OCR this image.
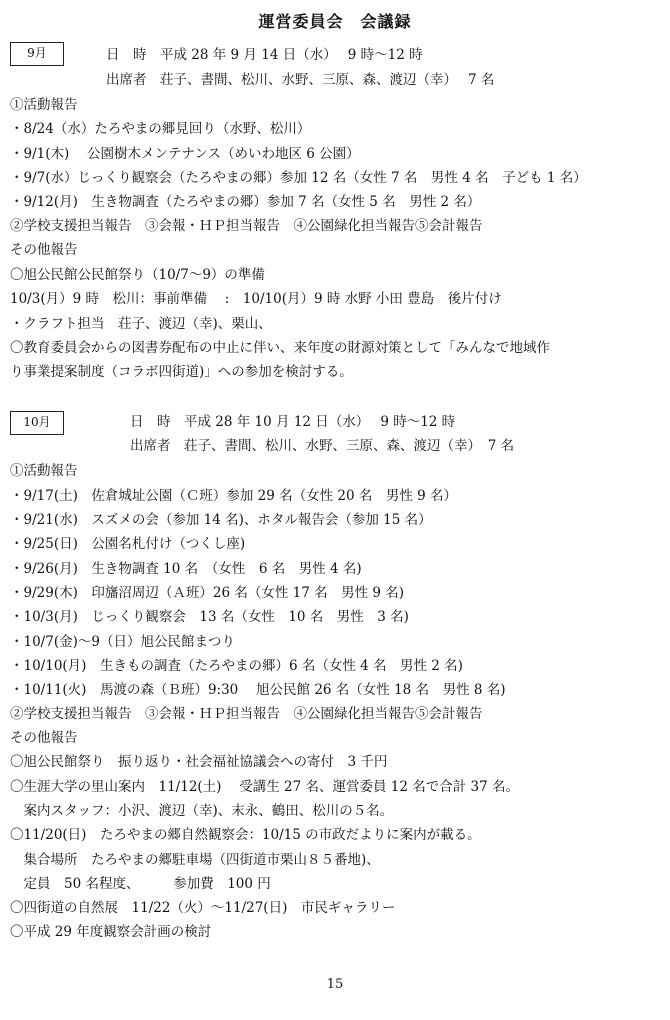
運営委員会　会議録
9月	日　時　平成 28 年 9 月 14 日（水）　 9 時〜12 時
出席者　荘子、書間、松川、水野、三原、森、渡辺（幸）　 7 名
①活動報告
・8/24（水）たろやまの郷見回り（水野、松川）
・9/1(木)　 公園樹木メンテナンス（めいわ地区 6 公園）
・9/7(水）じっくり観察会（たろやまの郷）参加 12 名（女性 7 名　男性 4 名　子ども 1 名）
・9/12(月)　生き物調査（たろやまの郷）参加 7 名（女性 5 名　男性 2 名）
②学校支援担当報告　③会報・ＨＰ担当報告　④公園緑化担当報告⑤会計報告
その他報告
〇旭公民館公民館祭り（10/7〜9）の準備
10/3(月）9 時　松川：事前準備　 :　10/10(月）9 時 水野 小田 豊島　後片付け
・クラフト担当　荘子、渡辺（幸)、栗山、
〇教育委員会からの図書券配布の中止に伴い、来年度の財源対策として「みんなで地域作
り事業提案制度（コラボ四街道)」への参加を検討する。
10月	日　時　平成 28 年 10 月 12 日（水）　 9 時〜12 時
出席者　荘子、書間、松川、水野、三原、森、渡辺（幸）　7 名
①活動報告
・9/17(土)　佐倉城址公園（Ｃ班）参加 29 名（女性 20 名　男性 9 名）
・9/21(水)　スズメの会（参加 14 名)、ホタル報告会（参加 15 名）
・9/25(日)　公園名札付け（つくし座)
・9/26(月)　生き物調査 10 名　（女性　6 名　男性 4 名)
・9/29(木)　印旛沼周辺（Ａ班）26 名（女性 17 名　男性 9 名)
・10/3(月)　じっくり観察会　13 名（女性　10 名　男性　3 名)
・10/7(金)〜9（日）旭公民館まつり
・10/10(月)　生きもの調査（たろやまの郷）6 名（女性 4 名　男性 2 名)
・10/11(火)　馬渡の森（Ｂ班）9:30　 旭公民館 26 名（女性 18 名　男性 8 名)
②学校支援担当報告　③会報・ＨＰ担当報告　④公園緑化担当報告⑤会計報告
その他報告
〇旭公民館祭り　振り返り・社会福祉協議会への寄付　3 千円
〇生涯大学の里山案内　11/12(土)　 受講生 27 名、運営委員 12 名で合計 37 名。
　案内スタッフ：小沢、渡辺（幸)、末永、鶴田、松川の５名。
〇11/20(日)　たろやまの郷自然観察会：10/15 の市政だよりに案内が載る。
　集合場所　たろやまの郷駐車場（四街道市栗山８５番地)、
　定員　50 名程度、　　　参加費　100 円
〇四街道の自然展　11/22（火）〜11/27(日)　市民ギャラリー
〇平成 29 年度観察会計画の検討
15
